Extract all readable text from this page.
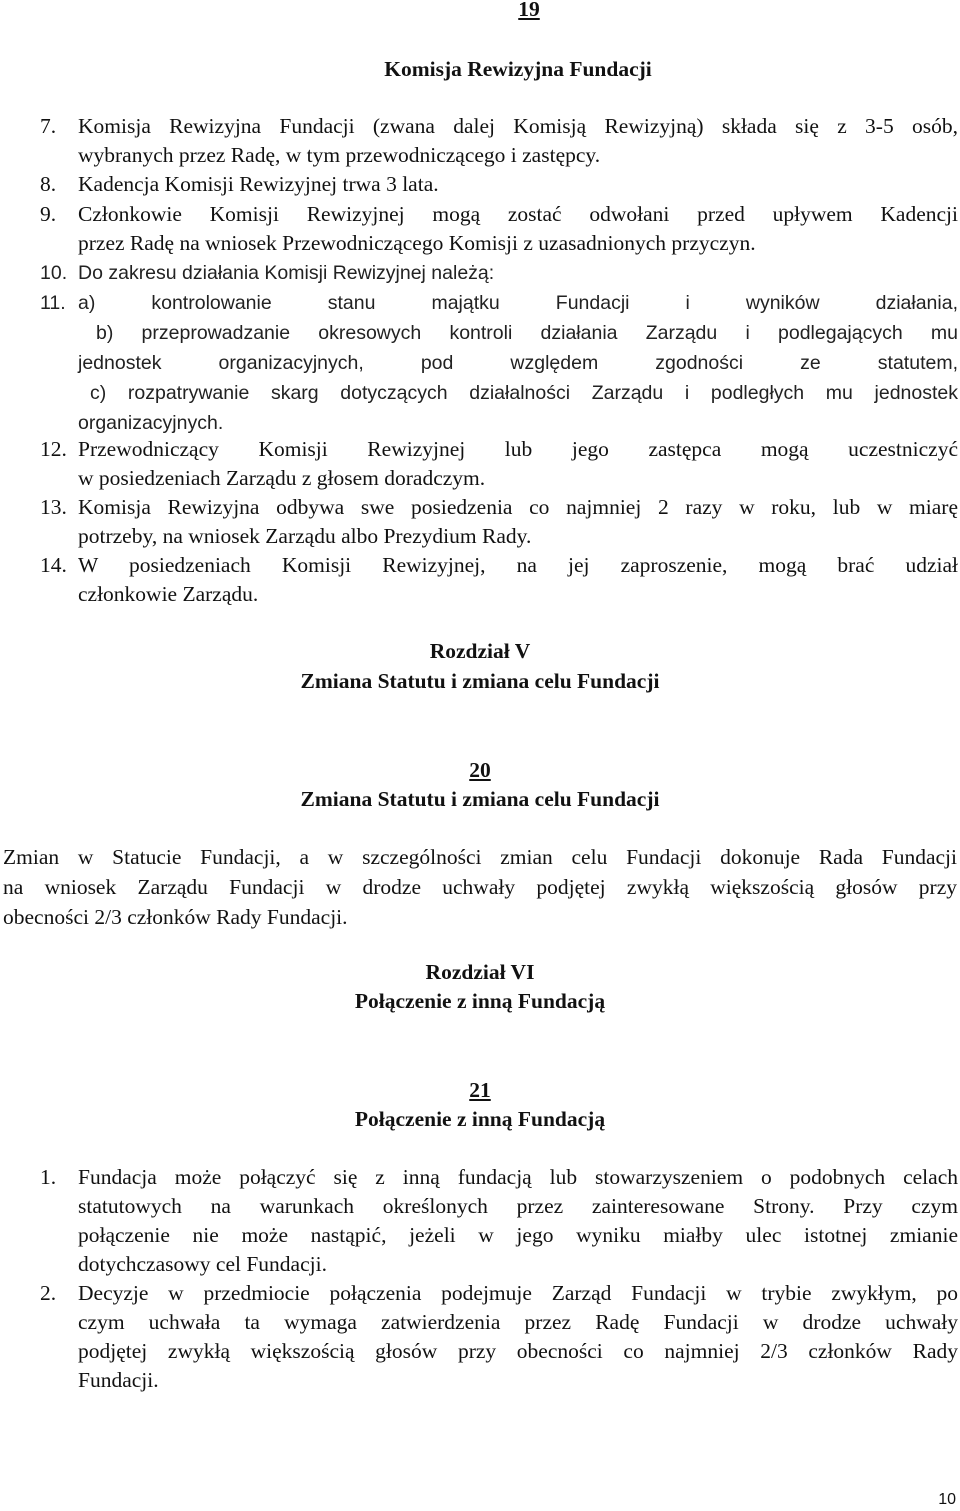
19
Komisja Rewizyjna Fundacji
7. Komisja Rewizyjna Fundacji (zwana dalej Komisją Rewizyjną) składa się z 3-5 osób,
wybranych przez Radę, w tym przewodniczącego i zastępcy.
8. Kadencja Komisji Rewizyjnej trwa 3 lata.
9. Członkowie Komisji Rewizyjnej mogą zostać odwołani przed upływem Kadencji
przez Radę na wniosek Przewodniczącego Komisji z uzasadnionych przyczyn.
10. Do zakresu działania Komisji Rewizyjnej należą:
11. a) kontrolowanie stanu majątku Fundacji i wyników działania,
b) przeprowadzanie okresowych kontroli działania Zarządu i podlegających mu
jednostek organizacyjnych, pod względem zgodności ze statutem,
c) rozpatrywanie skarg dotyczących działalności Zarządu i podległych mu jednostek
organizacyjnych.
12. Przewodniczący Komisji Rewizyjnej lub jego zastępca mogą uczestniczyć
w posiedzeniach Zarządu z głosem doradczym.
13. Komisja Rewizyjna odbywa swe posiedzenia co najmniej 2 razy w roku, lub w miarę
potrzeby, na wniosek Zarządu albo Prezydium Rady.
14. W posiedzeniach Komisji Rewizyjnej, na jej zaproszenie, mogą brać udział
członkowie Zarządu.
Rozdział V
Zmiana Statutu i zmiana celu Fundacji
20
Zmiana Statutu i zmiana celu Fundacji
Zmian w Statucie Fundacji, a w szczególności zmian celu Fundacji dokonuje Rada Fundacji
na wniosek Zarządu Fundacji w drodze uchwały podjętej zwykłą większością głosów przy
obecności 2/3 członków Rady Fundacji.
Rozdział VI
Połączenie z inną Fundacją
21
Połączenie z inną Fundacją
1. Fundacja może połączyć się z inną fundacją lub stowarzyszeniem o podobnych celach
statutowych na warunkach określonych przez zainteresowane Strony. Przy czym
połączenie nie może nastąpić, jeżeli w jego wyniku miałby ulec istotnej zmianie
dotychczasowy cel Fundacji.
2. Decyzje w przedmiocie połączenia podejmuje Zarząd Fundacji w trybie zwykłym, po
czym uchwała ta wymaga zatwierdzenia przez Radę Fundacji w drodze uchwały
podjętej zwykłą większością głosów przy obecności co najmniej 2/3 członków Rady
Fundacji.
10
